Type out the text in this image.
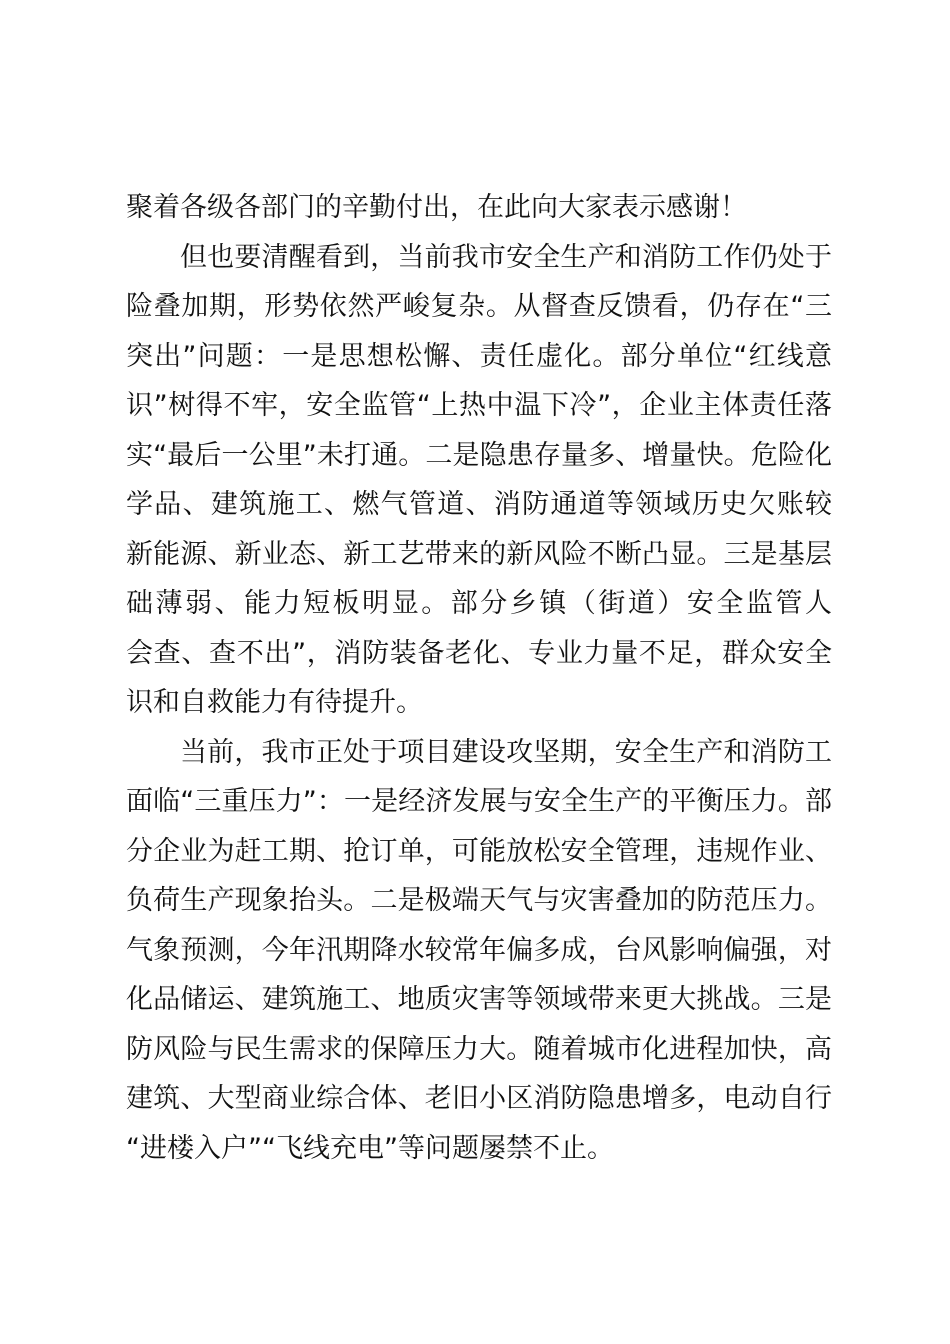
聚着各级各部门的辛勤付出，在此向大家表示感谢！
但也要清醒看到，当前我市安全生产和消防工作仍处于
险叠加期，形势依然严峻复杂。从督查反馈看，仍存在“三
突出”问题：一是思想松懈、责任虚化。部分单位“红线意
识”树得不牢，安全监管“上热中温下冷”，企业主体责任落
实“最后一公里”未打通。二是隐患存量多、增量快。危险化
学品、建筑施工、燃气管道、消防通道等领域历史欠账较
新能源、新业态、新工艺带来的新风险不断凸显。三是基层
础薄弱、能力短板明显。部分乡镇（街道）安全监管人
会查、查不出”，消防装备老化、专业力量不足，群众安全
识和自救能力有待提升。
当前，我市正处于项目建设攻坚期，安全生产和消防工
面临“三重压力”：一是经济发展与安全生产的平衡压力。部
分企业为赶工期、抢订单，可能放松安全管理，违规作业、
负荷生产现象抬头。二是极端天气与灾害叠加的防范压力。
气象预测，今年汛期降水较常年偏多成，台风影响偏强，对
化品储运、建筑施工、地质灾害等领域带来更大挑战。三是
防风险与民生需求的保障压力大。随着城市化进程加快，高
建筑、大型商业综合体、老旧小区消防隐患增多，电动自行
“进楼入户”“飞线充电”等问题屡禁不止。
